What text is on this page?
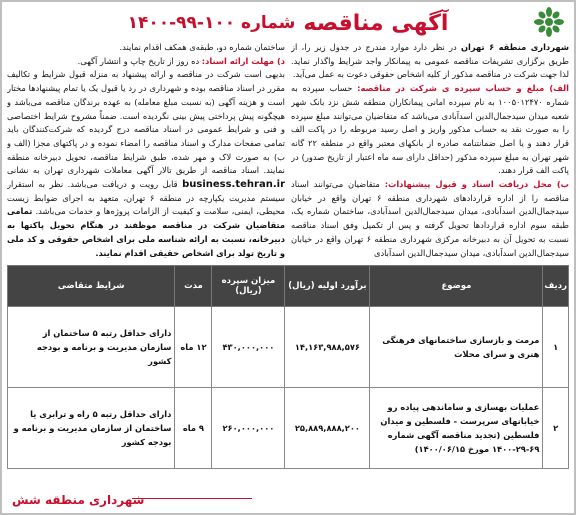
آگهی مناقصه
شماره ۱۰۰-۹۹-۱۴۰۰

شهرداری منطقه ۶ تهران در نظر دارد موارد مندرج در جدول زیر را، از طریق برگزاری تشریفات مناقصه عمومی به پیمانکار واجد شرایط واگذار نماید. لذا جهت شرکت در مناقصه مذکور از کلیه اشخاص حقوقی دعوت به عمل می‌آید.

الف) مبلغ و حساب سپرده ی شرکت در مناقصه: حساب سپرده به شماره ۱۰۰۵۰۱۲۴۷۰ به نام سپرده امانی پیمانکاران منطقه شش نزد بانک شهر شعبه میدان سیدجمال‌الدین اسدآبادی می‌باشد که متقاضیان می‌توانند مبلغ سپرده را به صورت نقد به حساب مذکور واریز و اصل رسید مربوطه را در پاکت الف قرار دهند و یا اصل ضمانتنامه صادره از بانکهای معتبر واقع در منطقه ۲۲ گانه شهر تهران به مبلغ سپرده مذکور (حداقل دارای سه ماه اعتبار از تاریخ صدور) در پاکت الف قرار دهند.

ب) محل دریافت اسناد و قبول پیشنهادات: متقاضیان می‌توانند اسناد مناقصه را از اداره قراردادهای شهرداری منطقه ۶ تهران واقع در خیابان سیدجمال‌الدین اسدآبادی، میدان سیدجمال‌الدین اسدآبادی، ساختمان شماره یک، طبقه سوم اداره قراردادها تحویل گرفته و پس از تکمیل وفق اسناد مناقصه نسبت به تحویل آن به دبیرخانه مرکزی شهرداری منطقه ۶ تهران واقع در خیابان سیدجمال‌الدین اسدآبادی، میدان سیدجمال‌الدین اسدآبادی

ساختمان شماره دو، طبقه‌ی همکف اقدام نمایند.

د) مهلت ارائه اسناد: ده روز از تاریخ چاپ و انتشار آگهی.

بدیهی است شرکت در مناقصه و ارائه پیشنهاد به منزله قبول شرایط و تکالیف مقرر در اسناد مناقصه بوده و شهرداری در رد یا قبول یک یا تمام پیشنهادها مختار است و هزینه آگهی (به نسبت مبلغ معامله) به عهده برندگان مناقصه می‌باشد و هیچگونه پیش پرداختی پیش بینی نگردیده است. ضمناً مشروح شرایط اختصاصی و فنی و شرایط عمومی در اسناد مناقصه درج گردیده که شرکت‌کنندگان باید تمامی صفحات مدارک و اسناد مناقصه را امضاء نموده و در پاکتهای مجزا (الف و ب) به صورت لاک و مهر شده، طبق شرایط مناقصه، تحویل دبیرخانه منطقه نمایند. اسناد مناقصه از طریق تالار آگهی معاملات شهرداری تهران به نشانی business.tehran.ir قابل رویت و دریافت می‌باشد. نظر به استقرار سیستم مدیریت یکپارچه در منطقه ۶ تهران، متعهد به اجرای ضوابط زیست محیطی، ایمنی، سلامت و کیفیت از الزامات پروژه‌ها و خدمات می‌باشد. تمامی متقاضیان شرکت در مناقصه موظفند در هنگام تحویل پاکتها به دبیرخانه، نسبت به ارائه شناسه ملی برای اشخاص حقوقی و کد ملی و تاریخ تولد برای اشخاص حقیقی اقدام نمایند.

ردیف	موضوع	برآورد اولیه (ریال)	میزان سپرده (ریال)	مدت	شرایط متقاضی
۱	مرمت و بازسازی ساختمانهای فرهنگی هنری و سرای محلات	۱۴,۱۶۳,۹۸۸,۵۷۶	۴۳۰,۰۰۰,۰۰۰	۱۲ ماه	دارای حداقل رتبه ۵ ساختمان از سازمان مدیریت و برنامه و بودجه کشور
۲	عملیات بهسازی و ساماندهی پیاده رو خیابانهای سرپرست - فلسطین و میدان فلسطین (تجدید مناقصه آگهی شماره ۶۹-۲۹-۱۴۰۰ مورخ ۱۴۰۰/۰۶/۱۵)	۲۵,۸۸۹,۸۸۸,۲۰۰	۲۶۰,۰۰۰,۰۰۰	۹ ماه	دارای حداقل رتبه ۵ راه و ترابری یا ساختمان از سازمان مدیریت و برنامه و بودجه کشور
شهرداری منطقه شش
